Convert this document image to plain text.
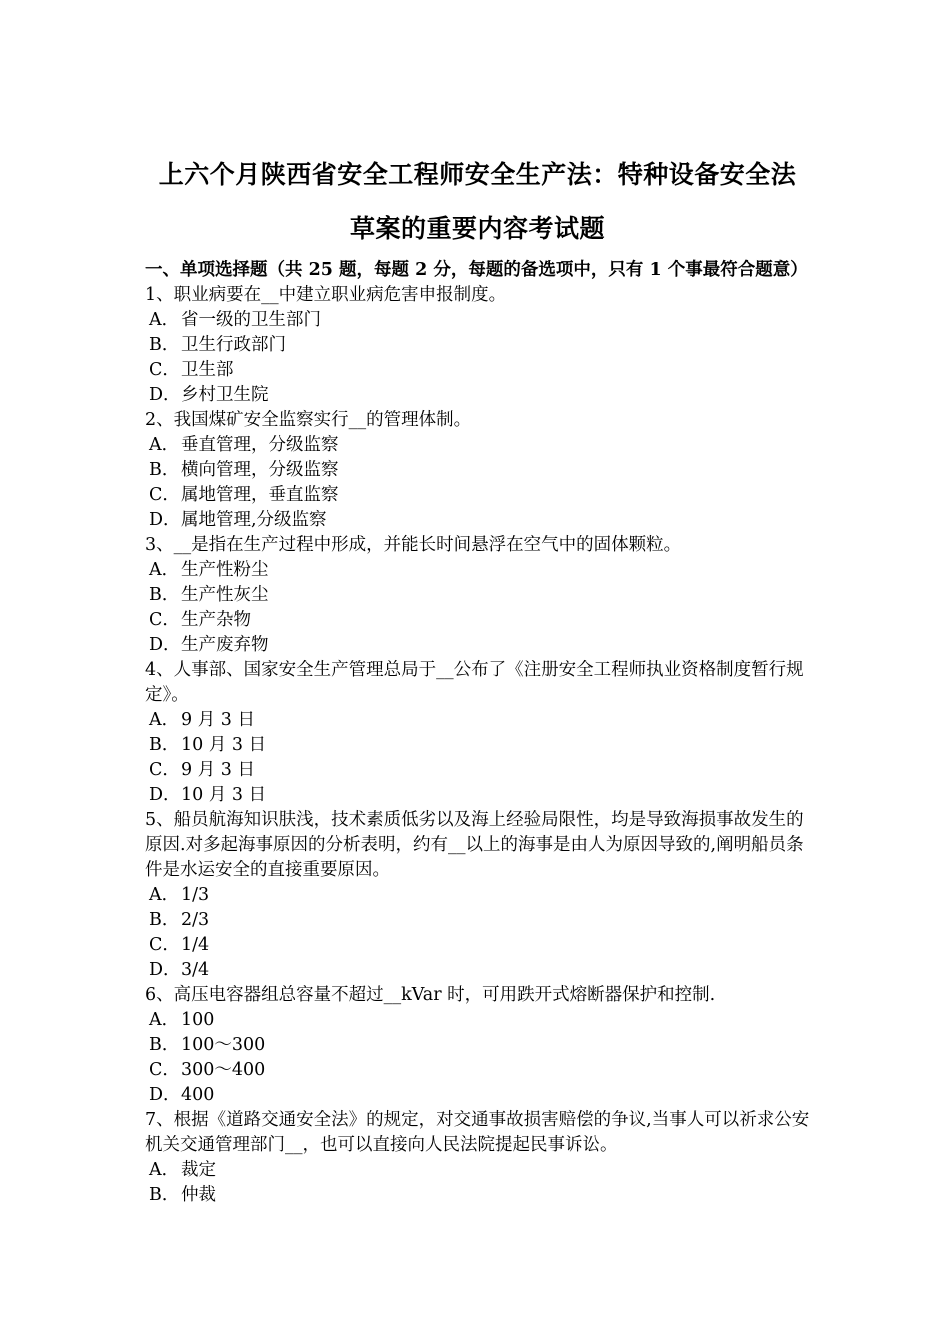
上六个月陕西省安全工程师安全生产法：特种设备安全法
草案的重要内容考试题
一、单项选择题（共 25 题，每题 2 分，每题的备选项中，只有 1 个事最符合题意）

1、职业病要在__中建立职业病危害申报制度。

A． 省一级的卫生部门
B．卫生行政部门
C．卫生部
D．乡村卫生院

2、我国煤矿安全监察实行__的管理体制。

A． 垂直管理，分级监察
B．横向管理，分级监察
C．属地管理，垂直监察
D．属地管理,分级监察

3、__是指在生产过程中形成，并能长时间悬浮在空气中的固体颗粒。

A． 生产性粉尘
B．生产性灰尘
C．生产杂物
D．生产废弃物

4、人事部、国家安全生产管理总局于__公布了《注册安全工程师执业资格制度暂行规定》。

A． 9 月 3 日
B．10 月 3 日
C．9 月 3 日
D．10 月 3 日

5、船员航海知识肤浅，技术素质低劣以及海上经验局限性，均是导致海损事故发生的原因.对多起海事原因的分析表明，约有__以上的海事是由人为原因导致的,阐明船员条件是水运安全的直接重要原因。

A． 1/3
B．2/3
C．1/4
D．3/4

6、高压电容器组总容量不超过__kVar 时，可用跌开式熔断器保护和控制.

A． 100
B．100～300
C．300～400
D．400

7、根据《道路交通安全法》的规定，对交通事故损害赔偿的争议,当事人可以祈求公安机关交通管理部门__，也可以直接向人民法院提起民事诉讼。

A． 裁定
B．仲裁
